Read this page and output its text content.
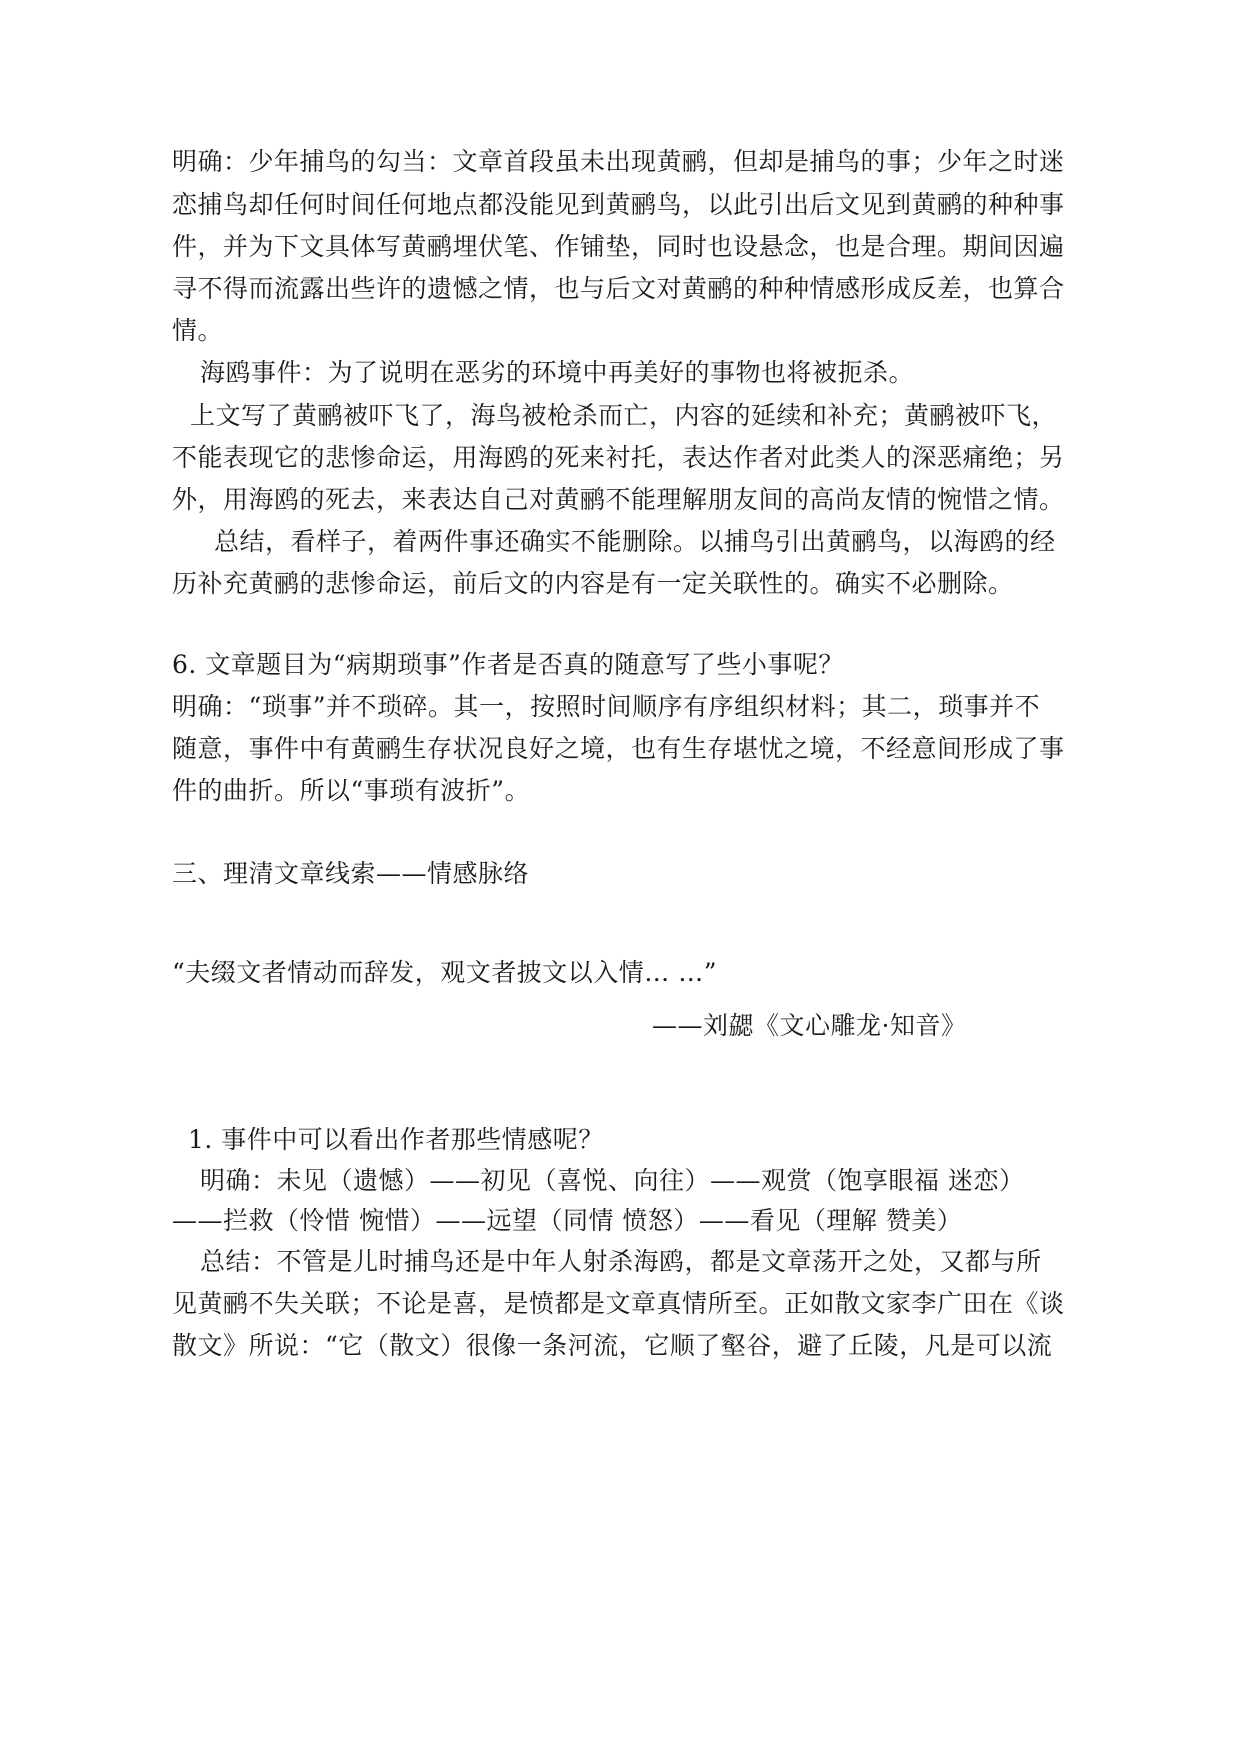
明确：少年捕鸟的勾当：文章首段虽未出现黄鹂，但却是捕鸟的事；少年之时迷
恋捕鸟却任何时间任何地点都没能见到黄鹂鸟，以此引出后文见到黄鹂的种种事
件，并为下文具体写黄鹂埋伏笔、作铺垫，同时也设悬念，也是合理。期间因遍
寻不得而流露出些许的遗憾之情，也与后文对黄鹂的种种情感形成反差，也算合
情。
海鸥事件：为了说明在恶劣的环境中再美好的事物也将被扼杀。
上文写了黄鹂被吓飞了，海鸟被枪杀而亡，内容的延续和补充；黄鹂被吓飞，
不能表现它的悲惨命运，用海鸥的死来衬托，表达作者对此类人的深恶痛绝；另
外，用海鸥的死去，来表达自己对黄鹂不能理解朋友间的高尚友情的惋惜之情。
总结，看样子，着两件事还确实不能删除。以捕鸟引出黄鹂鸟，以海鸥的经
历补充黄鹂的悲惨命运，前后文的内容是有一定关联性的。确实不必删除。
6. 文章题目为“病期琐事”作者是否真的随意写了些小事呢？
明确：“琐事”并不琐碎。其一，按照时间顺序有序组织材料；其二，琐事并不
随意，事件中有黄鹂生存状况良好之境，也有生存堪忧之境，不经意间形成了事
件的曲折。所以“事琐有波折”。
三、理清文章线索——情感脉络
“夫缀文者情动而辞发，观文者披文以入情… …”
——刘勰《文心雕龙·知音》
1. 事件中可以看出作者那些情感呢？
明确：未见（遗憾）——初见（喜悦、向往）——观赏（饱享眼福 迷恋）
——拦救（怜惜 惋惜）——远望（同情 愤怒）——看见（理解 赞美）
总结：不管是儿时捕鸟还是中年人射杀海鸥，都是文章荡开之处，又都与所
见黄鹂不失关联；不论是喜，是愤都是文章真情所至。正如散文家李广田在《谈
散文》所说：“它（散文）很像一条河流，它顺了壑谷，避了丘陵，凡是可以流
